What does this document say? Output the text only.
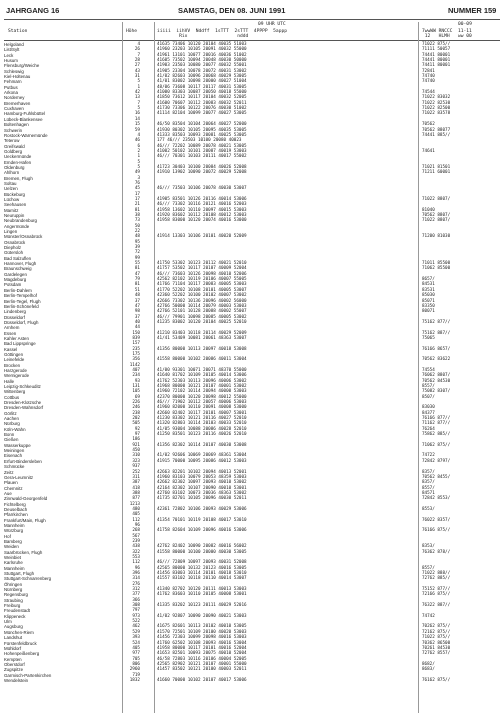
JAHRGANG 16	SAMSTAG, DEN 08. JUNI 1991	NUMMER 159
09 UHR UTC	00-09
Station	Höhe	iiiii  iihVV  Nddff  1sTTT  2sTTT  4PPPP  5appp
Rix                  nddd
7wwWW RNCCC  11-11
12   HLMH   ww 00
Helgoland	4	41635 73406 10120 20104 40035 51003	71022 875//
List/Sylt	26	41960 23203 10105 20091 40032 55000	71111 50057
Leck	7	41961 13101 10077 20016 40036 51002	74441 80001
Husum	28	41605 73502 10094 20048 40030 50000	74441 80001
Flensburg/Weiche	27	41903 23503 10080 20077 40032 55001	74411 80001
Schleswig	43	41905 23304 10078 20072 40031 53002	72841
Kiel-Holtenau	31	41/02 82603 10096 20068 40029 53005	74740
Fehmarn	5	41/01 83002 10098 20000 40027 51004	74740
Putbus	1	48/06 73608 10117 20117 40031 53005
Arkona	42	41000 83303 10087 20050 40018 55000	74544
Norderney	13	41850 73612 10117 20104 40032 52005	71022 83032
Bremerhaven	7	41600 70607 10112 20083 40032 52011	71022 82530
Cuxhaven	5	41730 73306 10122 20076 40030 51002	71022 82500
Hamburg-Fuhlsbüttel	16	41114 82104 10099 20077 40027 53005	71022 83578
Lübeck-Blankensee	14
Boltenhagen	15	46/50 83504 10104 20064 40027 52000	70562
Schwerin	59	41930 80302 10105 20095 40035 53005	70562 88077
Rostock-Warnemünde	4	41333 83503 10093 20081 40025 53005	74441 885//
Teterow	46	177 46/// 23503 10100 20080 40023
Greifswald	6	46/// 72202 10089 20078 40021 53005
Goldberg	2	41002 50102 10101 20087 40019 53003	74641
Ueckermünde	1	46/// 70301 10103 20111 40017 55002
Emden-Hafen	5
Oldenburg	5	41723 30403 10100 20084 40026 52008	71021 81501
Ahlhorn	49	41910 13902 10090 20072 40029 52008	71211 60001
Bremen, Flugh	3
Soltau	76
Uelzen	45	46/// 73503 10106 20078 40030 53007
Bückeburg	17
Lüchow	17	41905 83501 10126 20116 40014 53006	71022 8807/
Seehausen	21	46/// 73302 10116 20121 40016 52003
Marnitz	81	41958 13602 10110 20097 40015 53003	81040
Neuruppin	38	41920 83602 10112 20108 40012 53003	70562 8807/
Neubrandenburg	73	41958 83000 10120 20074 40016 53000	71022 8807/
Angermünde	50
Lingen	22
Münster/Osnabrück	48	41914 13303 10106 20101 40020 52009	71200 81030
Osnabrück	95
Diepholz	39
Gütersloh	72
Bad Salzuflen	99
Hannover, Flugh	55	41750 53302 10123 20112 40021 52010	71011 85500
Braunschweig	81	41757 53502 10117 20107 40009 52004	71062 85500
Gardelegen	47	46/// 73603 10126 20098 40010 52006
Magdeburg	79	42562 82102 10119 20106 40007 55005	8657/
Potsdam	81	41766 71104 10117 20083 40005 53003	84531
Berlin-Dahlem	51	41770 52202 10108 20101 40005 53007	83531
Berlin-Tempelhof	48	42360 52202 10100 20102 40007 53002	85030
Berlin-Tegel, Flugh	37	42666 73302 10136 20096 40002 56000	85071
Berlin-Schönefeld	47	42766 50000 10114 20079 40003 53003	83350
Lindenberg	98	42766 52101 10128 20088 40002 55007	80071
Düsseldorf	37	46/// 79901 10098 20085 40005 53002
Düsseldorf, Flugh	40	41235 83002 10120 20104 40025 52010	75162 877//
Arnhem	44
Essen	150	41210 83403 10118 20114 40029 52009	75162 887//
Kahler Asten	839	41/41 53409 10081 20061 48363 53007	75065
Bad Lippspringe	157
Kassel	235	41356 80000 10113 20097 40018 53008	76166 8657/
Göttingen	175
Leinefelde	356	41558 80000 10102 20086 40011 53004	70562 83622
Brocken	1142
Harzgerode	407	41/00 93301 10071 20071 48370 55000	74554
Wernigerode	234	41640 81702 10109 20105 40014 53006	76062 8807/
Halle	93	41762 52303 10113 20096 40006 53002	70562 84530
Leipzig-Schkeuditz	131	41968 80000 10121 20107 40001 53002	8557/
Wittenberg	105	41960 72102 10114 20094 40000 53003	75082 8307/
Cottbus	69	42370 80000 10120 20098 40012 55000	8507/
Dresden-Klotzsche	226	46/// 71902 10112 20057 40006 53003
Dresden-Wahnsdorf	246	41960 82000 10110 20091 40008 53000	83030
Görlitz	238	42660 82402 10117 20101 40007 53001	84377
Aachen	202	41230 83302 10121 20116 40027 52010	76166 877//
Nürburg	505	41320 82803 10114 20103 40033 52010	71162 877//
Köln-Wahn	92	41/05 93004 10088 20086 40028 52010	76264
Bonn	97	41250 83501 10123 20116 40026 52010	75862 885//
Gießen	186
Wasserkuppe	921	41356 82302 10114 20107 40030 53008	71062 875//
Meiningen	450
Eisenach	310	41/02 92606 10069 20069 48361 53004	74722
Erfurt-Bindersleben	323	41915 70000 10095 20086 40012 53003	72842 8797/
Schmücke	937
Zeitz	252	42663 82201 10102 20094 40013 52001	8357/
Gera-Leumnitz	311	41960 83103 10079 20053 48359 53003	70562 8455/
Plauen	387	42662 82302 10097 20093 40010 53002	8357/
Chemnitz	418	42164 82302 10107 20090 40010 53001	8557/
Aue	388	42760 83102 10073 20036 48363 53002	84571
Zinnwald-Georgenfeld	877	41735 82701 10105 20096 40030 52011	72842 8553/
Fichtelberg	1213
Deuselbach	480	42361 72802 10106 20093 40029 53006	8553/
Pfarrkirchen	405
Frankfurt/Main, Flugh	112	41354 70101 10119 20108 40017 53010	76022 8357/
Mannheim	96
Würzburg	268	41758 82604 10109 20096 40016 53006	76166 875//
Hof	567
Bamberg	239
Weiden	438	42762 82402 10090 20082 40016 56002	8353/
Saarbrücken, Flugh	322	41558 80000 10100 20000 40030 53005	76362 878//
Weinbiet	553
Karlsruhe	112	46/// 72809 10097 20093 40031 52008
Mannheim	96	42565 80000 10132 20123 40016 53005	8557/
Stuttgart, Flugh	396	41456 83003 10114 20101 40018 53010	71022 888//
Stuttgart-Schnarrenberg	314	41557 83102 10118 20110 40014 53007	72762 885//
Öhringen	276
Nürnberg	312	41340 82702 10120 20111 40013 53003	75152 877//
Regensburg	377	41762 83603 10110 20105 40008 53001	72166 875//
Straubing	366
Freiburg	308	41335 83202 10123 20111 40029 52016	76322 887//
Freudenstadt	797
Klippeneck	973	41/02 92807 10090 20090 40021 53003	74742
Ulm	522
Augsburg	462	41675 82601 10113 20102 40010 53005	70262 875//
München-Riem	529	41570 72501 10109 20100 40020 53003	72162 875//
Landshut	393	41456 72303 10099 20098 40016 53003	71022 875//
Fürstenfeldbruck	524	41760 62502 10108 20093 40016 53004	70362 86500
Mühldorf	405	41958 80000 10117 20101 40016 52004	70261 84530
Hohenpeißenberg	977	41653 82501 10093 20075 40010 52004	72762 8557/
Kempten	705	46/58 72803 10116 20106 40004 52005
Oberstdorf	806	42565 82902 10121 20107 40001 55000	8682/
Zugspitze	2960	41457 83502 10121 20100 40003 52011	8683/
Garmisch-Partenkirchen	719
Wendelstein	1832	41660 70000 10102 20107 40017 53006	76162 875//
